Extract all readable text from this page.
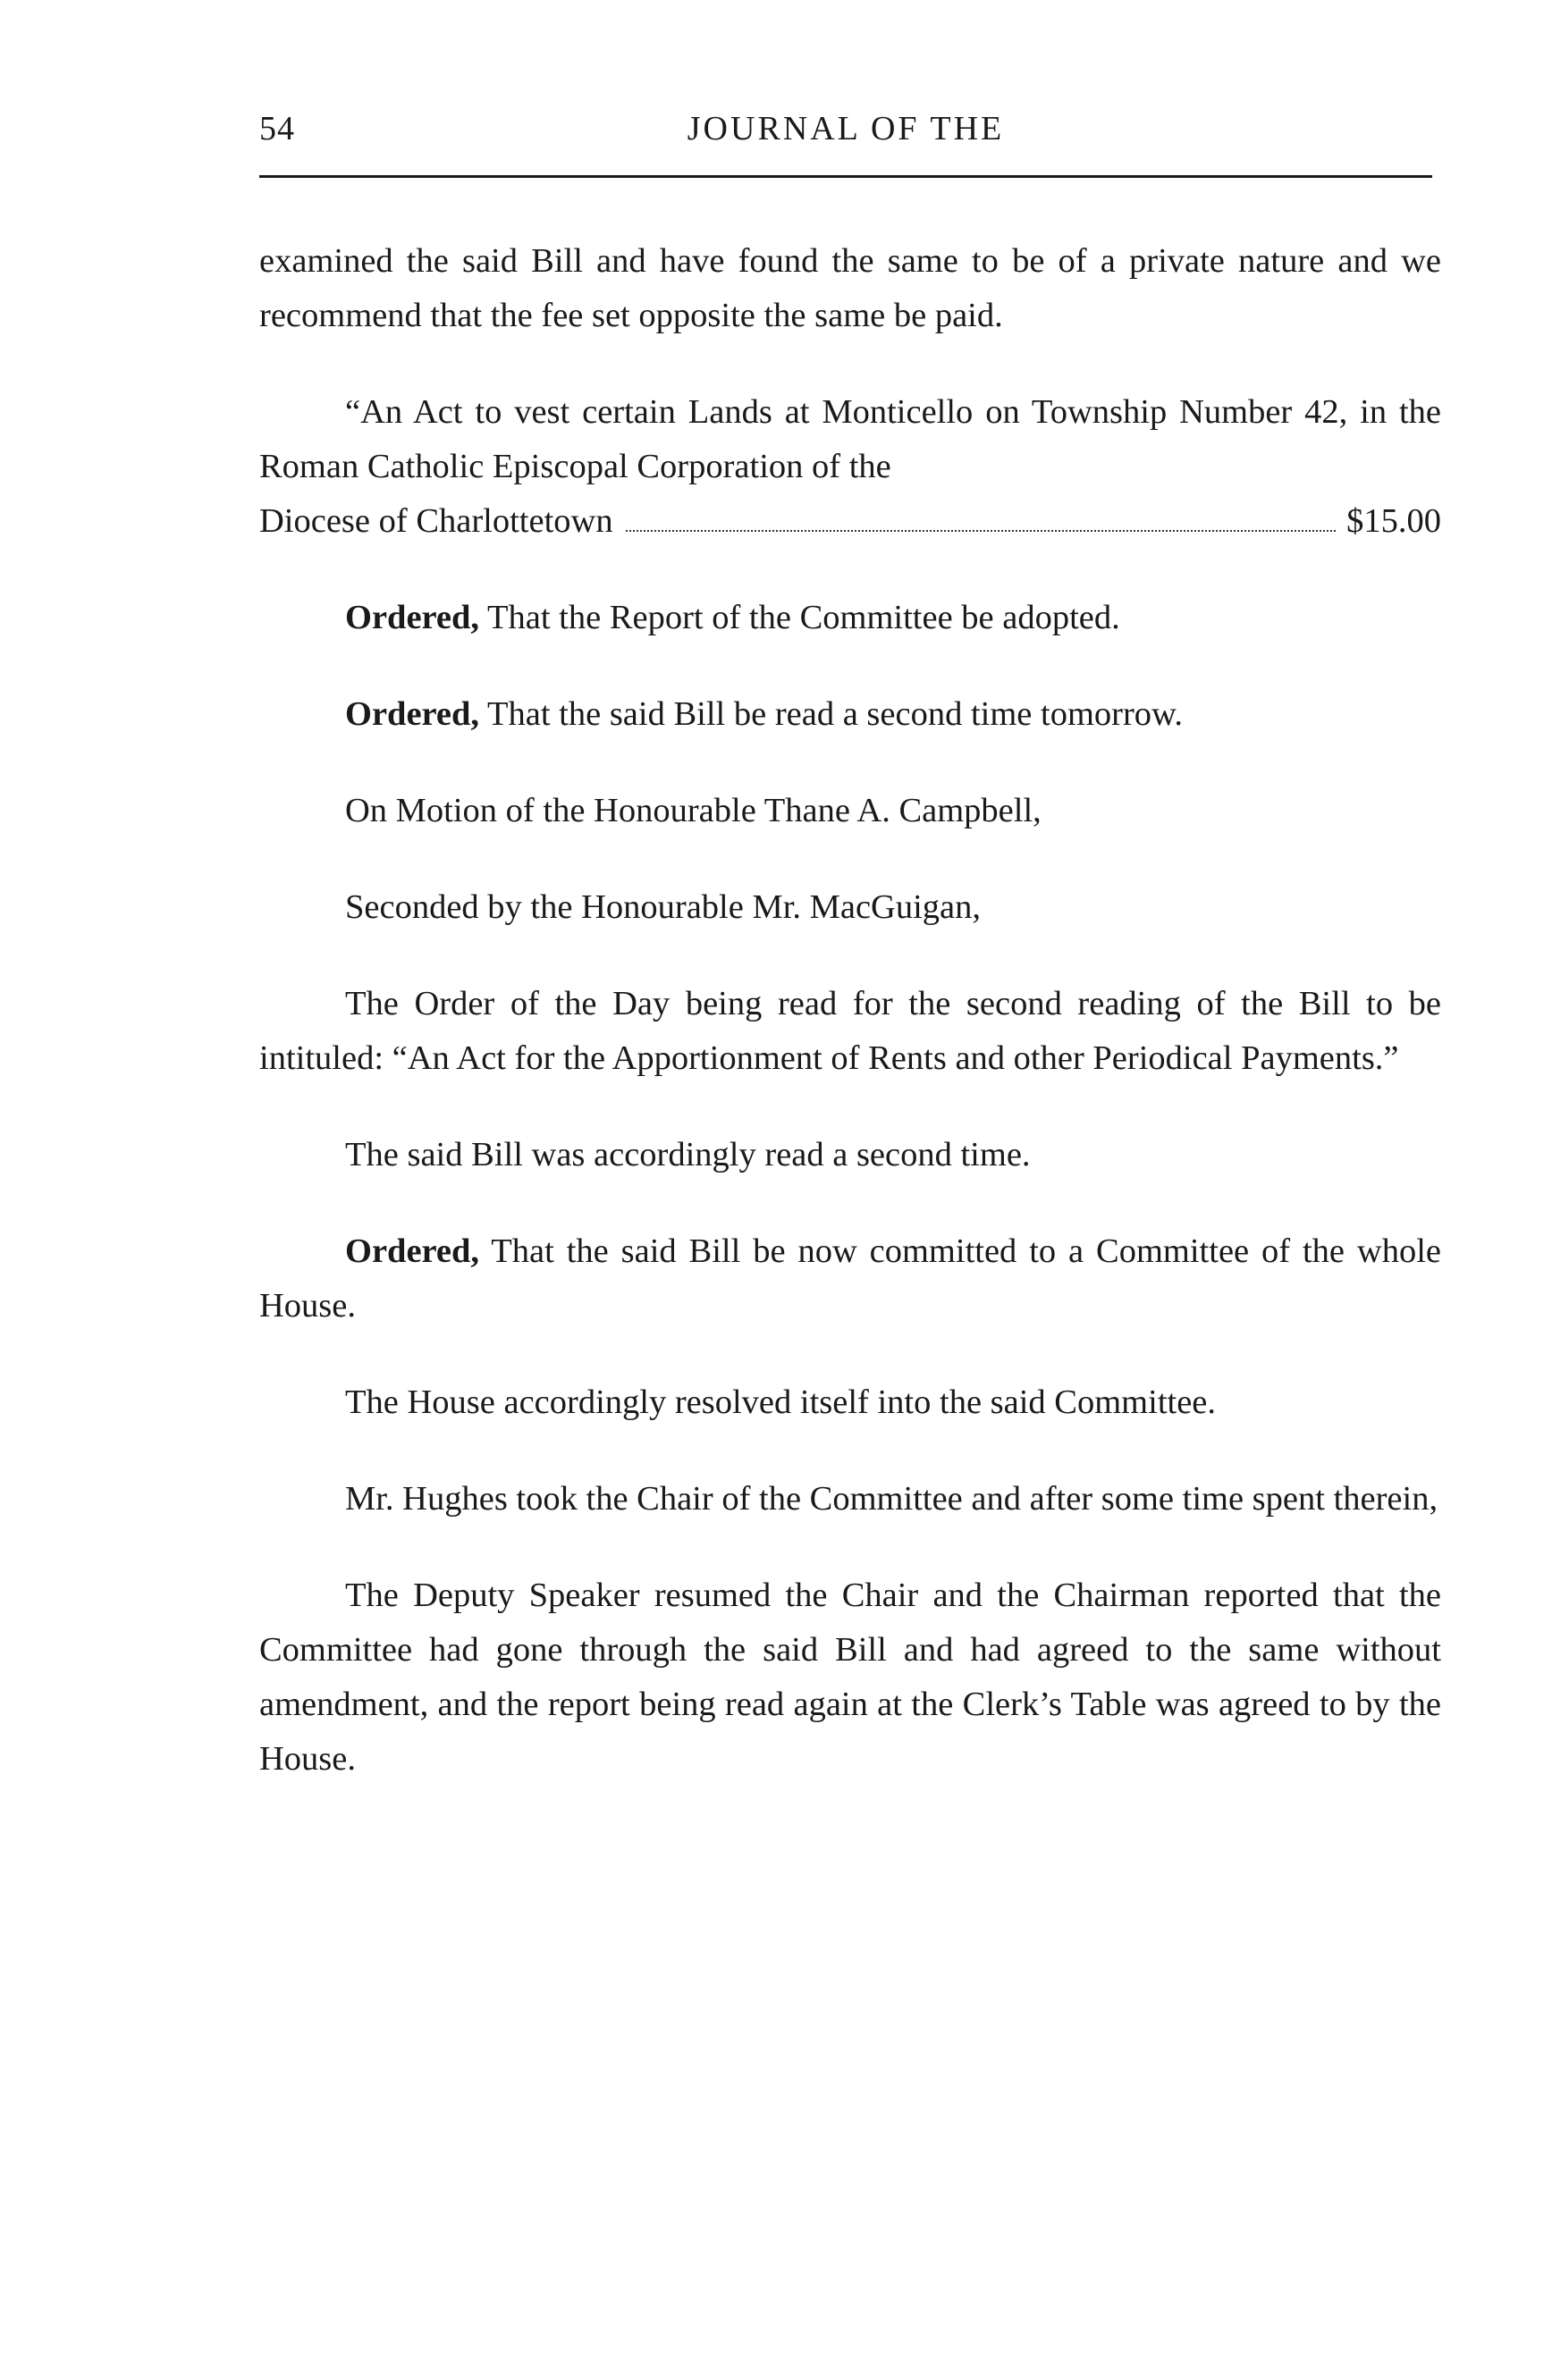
54	JOURNAL OF THE

examined the said Bill and have found the same to be of a private nature and we recommend that the fee set opposite the same be paid.

“An Act to vest certain Lands at Monticello on Township Number 42, in the Roman Catholic Episcopal Corporation of the

Diocese of Charlottetown	$15.00

Ordered, That the Report of the Committee be adopted.

Ordered, That the said Bill be read a second time tomorrow.

On Motion of the Honourable Thane A. Campbell,

Seconded by the Honourable Mr. MacGuigan,

The Order of the Day being read for the second reading of the Bill to be intituled: “An Act for the Apportionment of Rents and other Periodical Payments.”

The said Bill was accordingly read a second time.

Ordered, That the said Bill be now committed to a Committee of the whole House.

The House accordingly resolved itself into the said Committee.

Mr. Hughes took the Chair of the Committee and after some time spent therein,

The Deputy Speaker resumed the Chair and the Chairman reported that the Committee had gone through the said Bill and had agreed to the same without amendment, and the report being read again at the Clerk’s Table was agreed to by the House.
